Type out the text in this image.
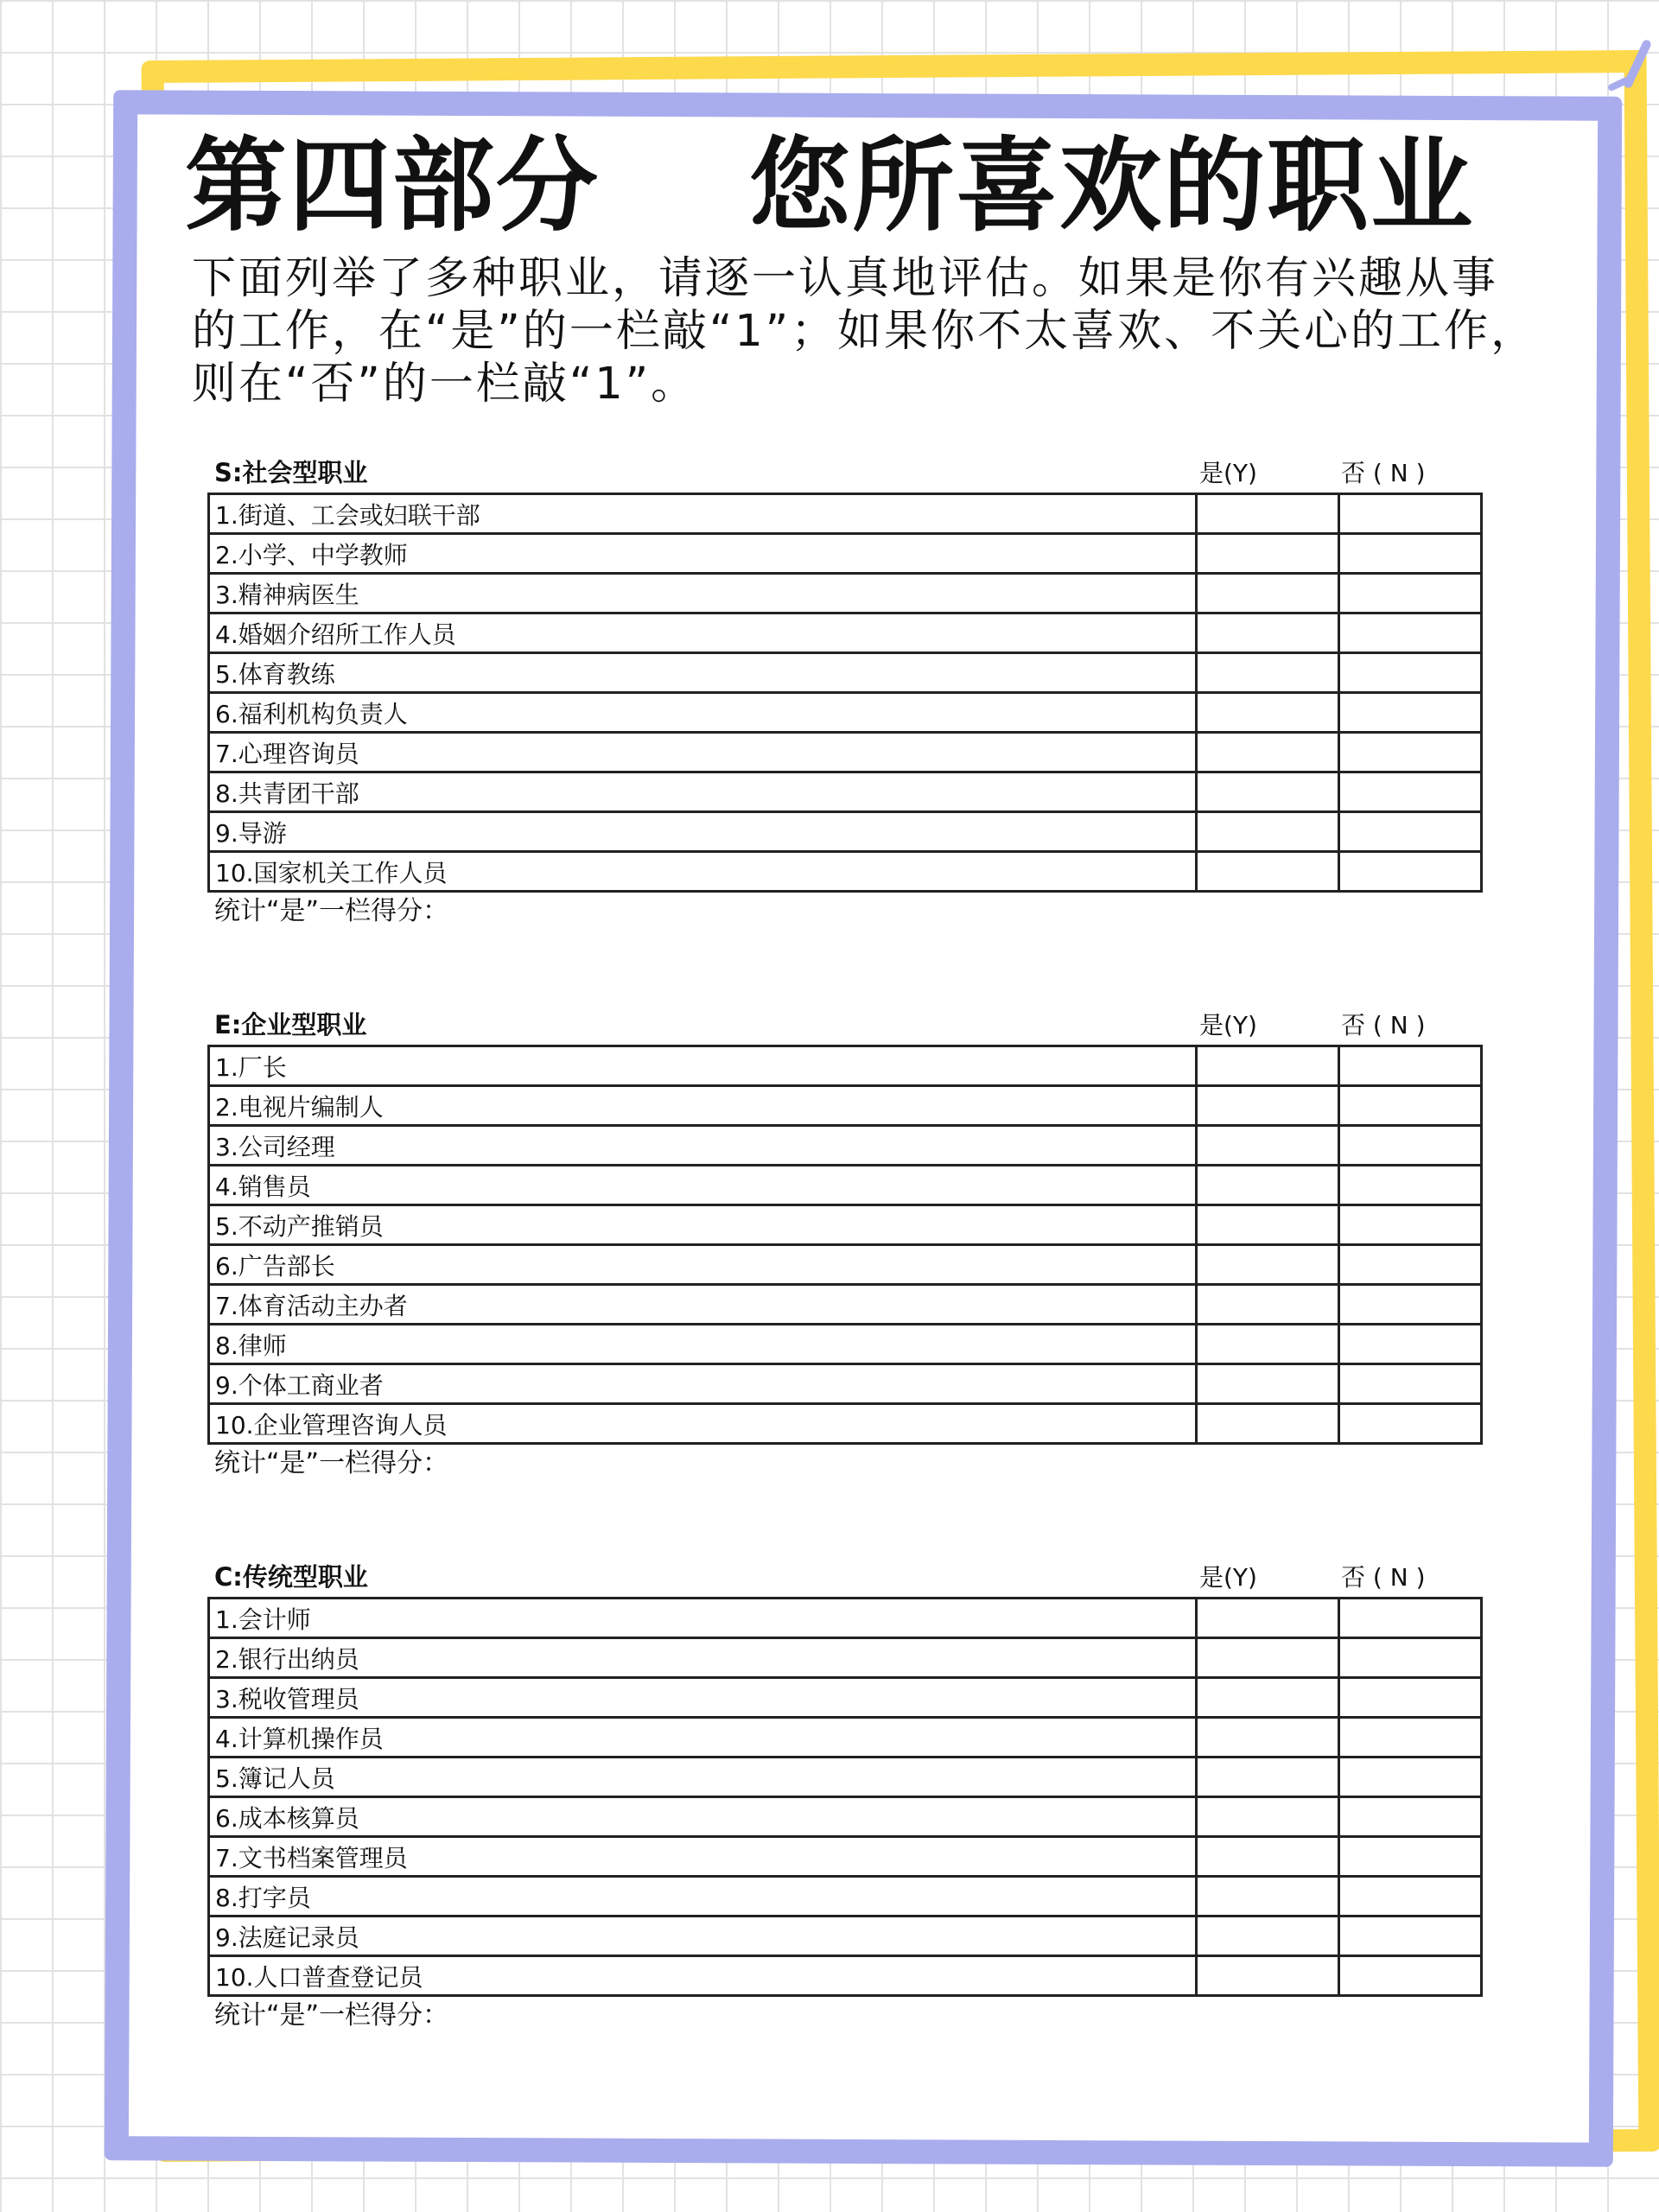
第四部分    您所喜欢的职业
下面列举了多种职业，请逐一认真地评估。如果是你有兴趣从事的工作，在“是”的一栏敲“1”；如果你不太喜欢、不关心的工作，则在“否”的一栏敲“1”。
S:社会型职业	是(Y)	否 ( N )
1.街道、工会或妇联干部		
2.小学、中学教师		
3.精神病医生		
4.婚姻介绍所工作人员		
5.体育教练		
6.福利机构负责人		
7.心理咨询员		
8.共青团干部		
9.导游		
10.国家机关工作人员		
统计“是”一栏得分：
E:企业型职业	是(Y)	否 ( N )
1.厂长		
2.电视片编制人		
3.公司经理		
4.销售员		
5.不动产推销员		
6.广告部长		
7.体育活动主办者		
8.律师		
9.个体工商业者		
10.企业管理咨询人员		
统计“是”一栏得分：
C:传统型职业	是(Y)	否 ( N )
1.会计师		
2.银行出纳员		
3.税收管理员		
4.计算机操作员		
5.簿记人员		
6.成本核算员		
7.文书档案管理员		
8.打字员		
9.法庭记录员		
10.人口普查登记员		
统计“是”一栏得分：
